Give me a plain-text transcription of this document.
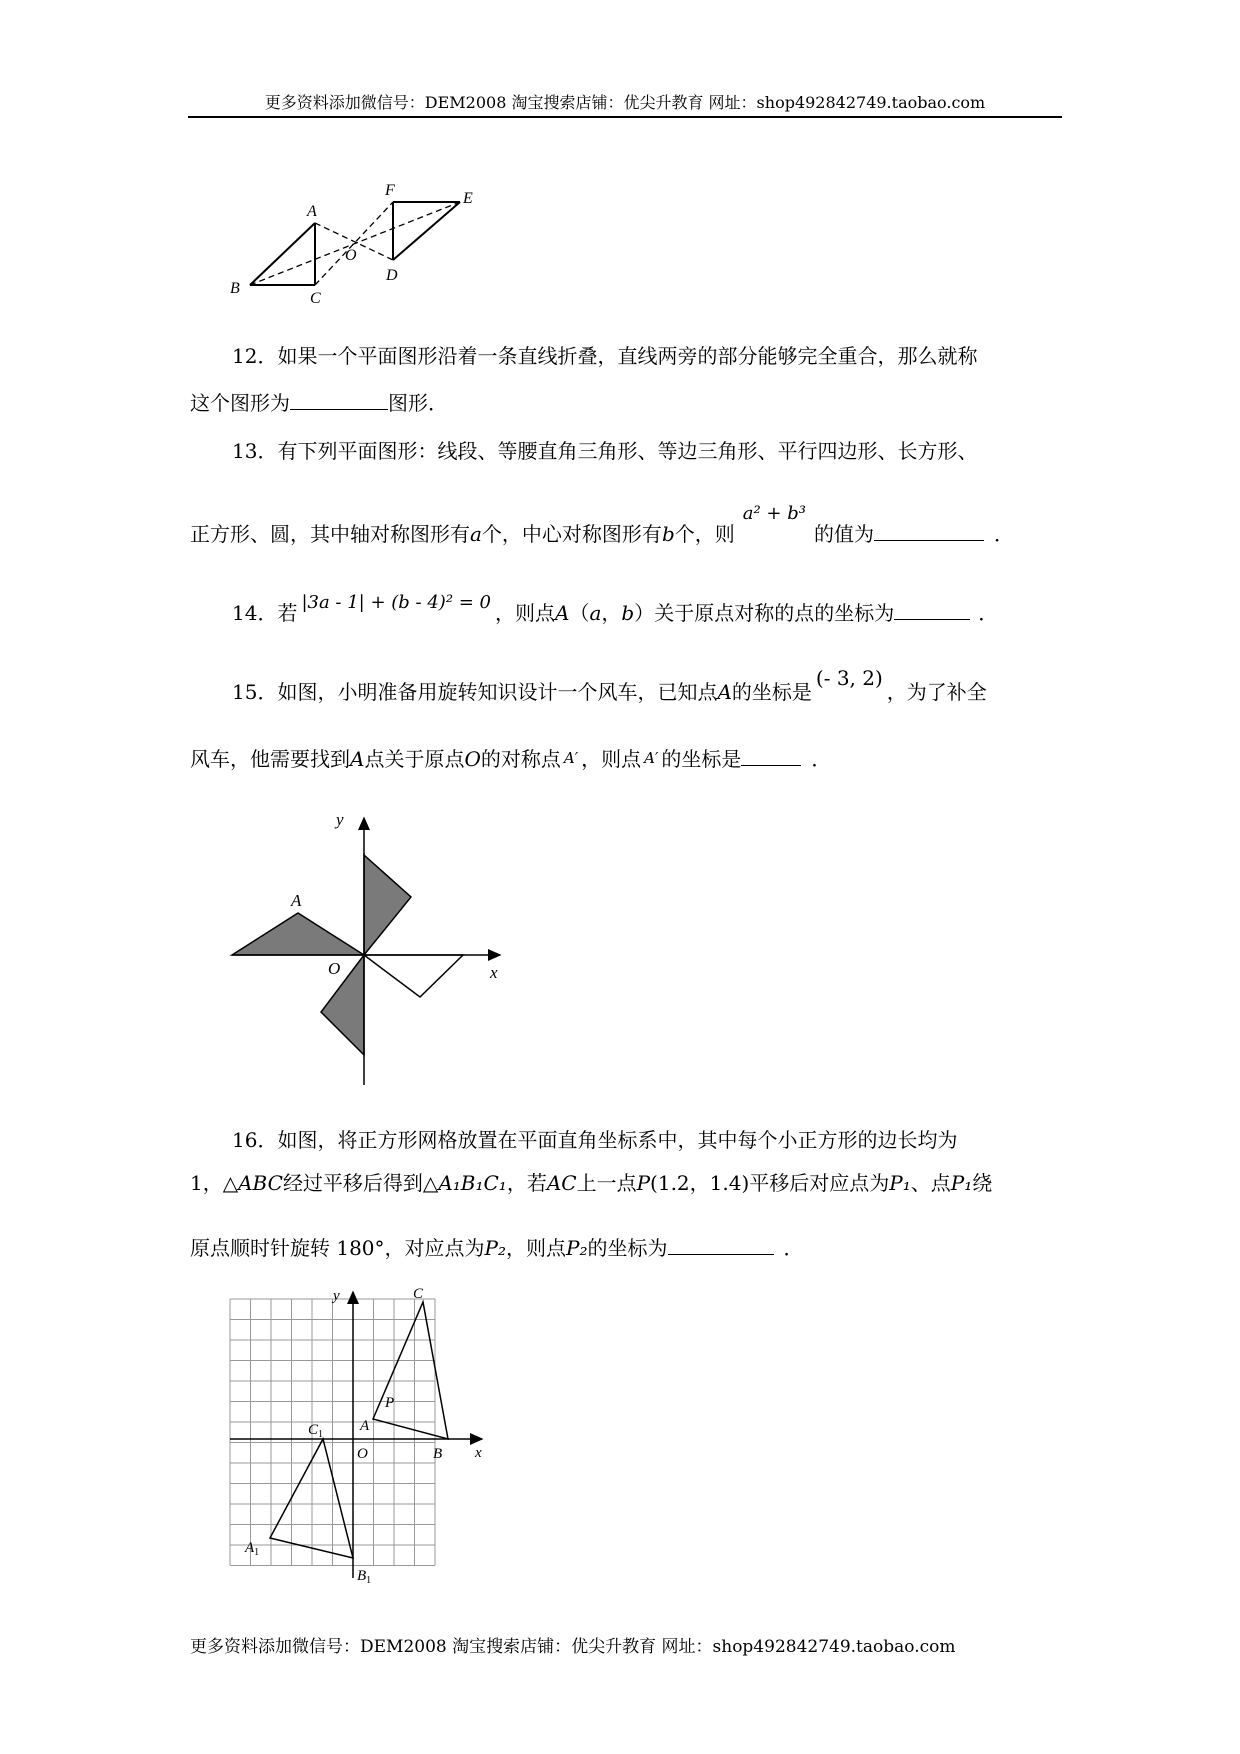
更多资料添加微信号：DEM2008 淘宝搜索店铺：优尖升教育 网址：shop492842749.taobao.com
A
B
C
D
E
F
O
12．如果一个平面图形沿着一条直线折叠，直线两旁的部分能够完全重合，那么就称
这个图形为	图形．
13．有下列平面图形：线段、等腰直角三角形、等边三角形、平行四边形、长方形、
正方形、圆，其中轴对称图形有a个，中心对称图形有b个，则a² + b³的值为	．
14．若 |3a - 1| + (b - 4)² = 0 ，则点A（a，b）关于原点对称的点的坐标为	．
15．如图，小明准备用旋转知识设计一个风车，已知点A的坐标是(- 3, 2)，为了补全
风车，他需要找到A点关于原点O的对称点 A′ ，则点 A′ 的坐标是	．
y
x
O
A
16．如图，将正方形网格放置在平面直角坐标系中，其中每个小正方形的边长均为
1，△ABC经过平移后得到△A₁B₁C₁，若AC上一点P(1.2，1.4)平移后对应点为P₁、点P₁绕
原点顺时针旋转 180°，对应点为P₂，则点P₂的坐标为	．
y
x
O
A
B
C
P
$C_1$
$A_1$
$B_1$
更多资料添加微信号：DEM2008 淘宝搜索店铺：优尖升教育 网址：shop492842749.taobao.com
